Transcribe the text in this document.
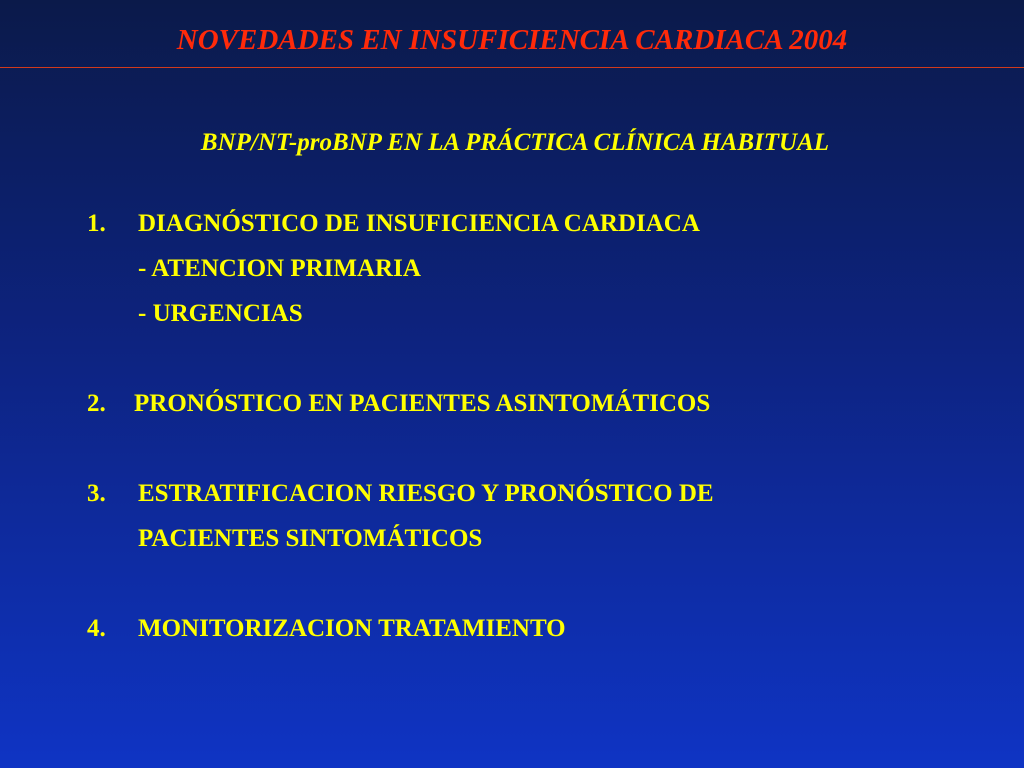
NOVEDADES EN INSUFICIENCIA CARDIACA 2004
BNP/NT-proBNP EN LA PRÁCTICA CLÍNICA HABITUAL
1. DIAGNÓSTICO DE INSUFICIENCIA CARDIACA
- ATENCION PRIMARIA
- URGENCIAS
2. PRONÓSTICO EN PACIENTES ASINTOMÁTICOS
3. ESTRATIFICACION RIESGO Y PRONÓSTICO DE
PACIENTES SINTOMÁTICOS
4. MONITORIZACION TRATAMIENTO
